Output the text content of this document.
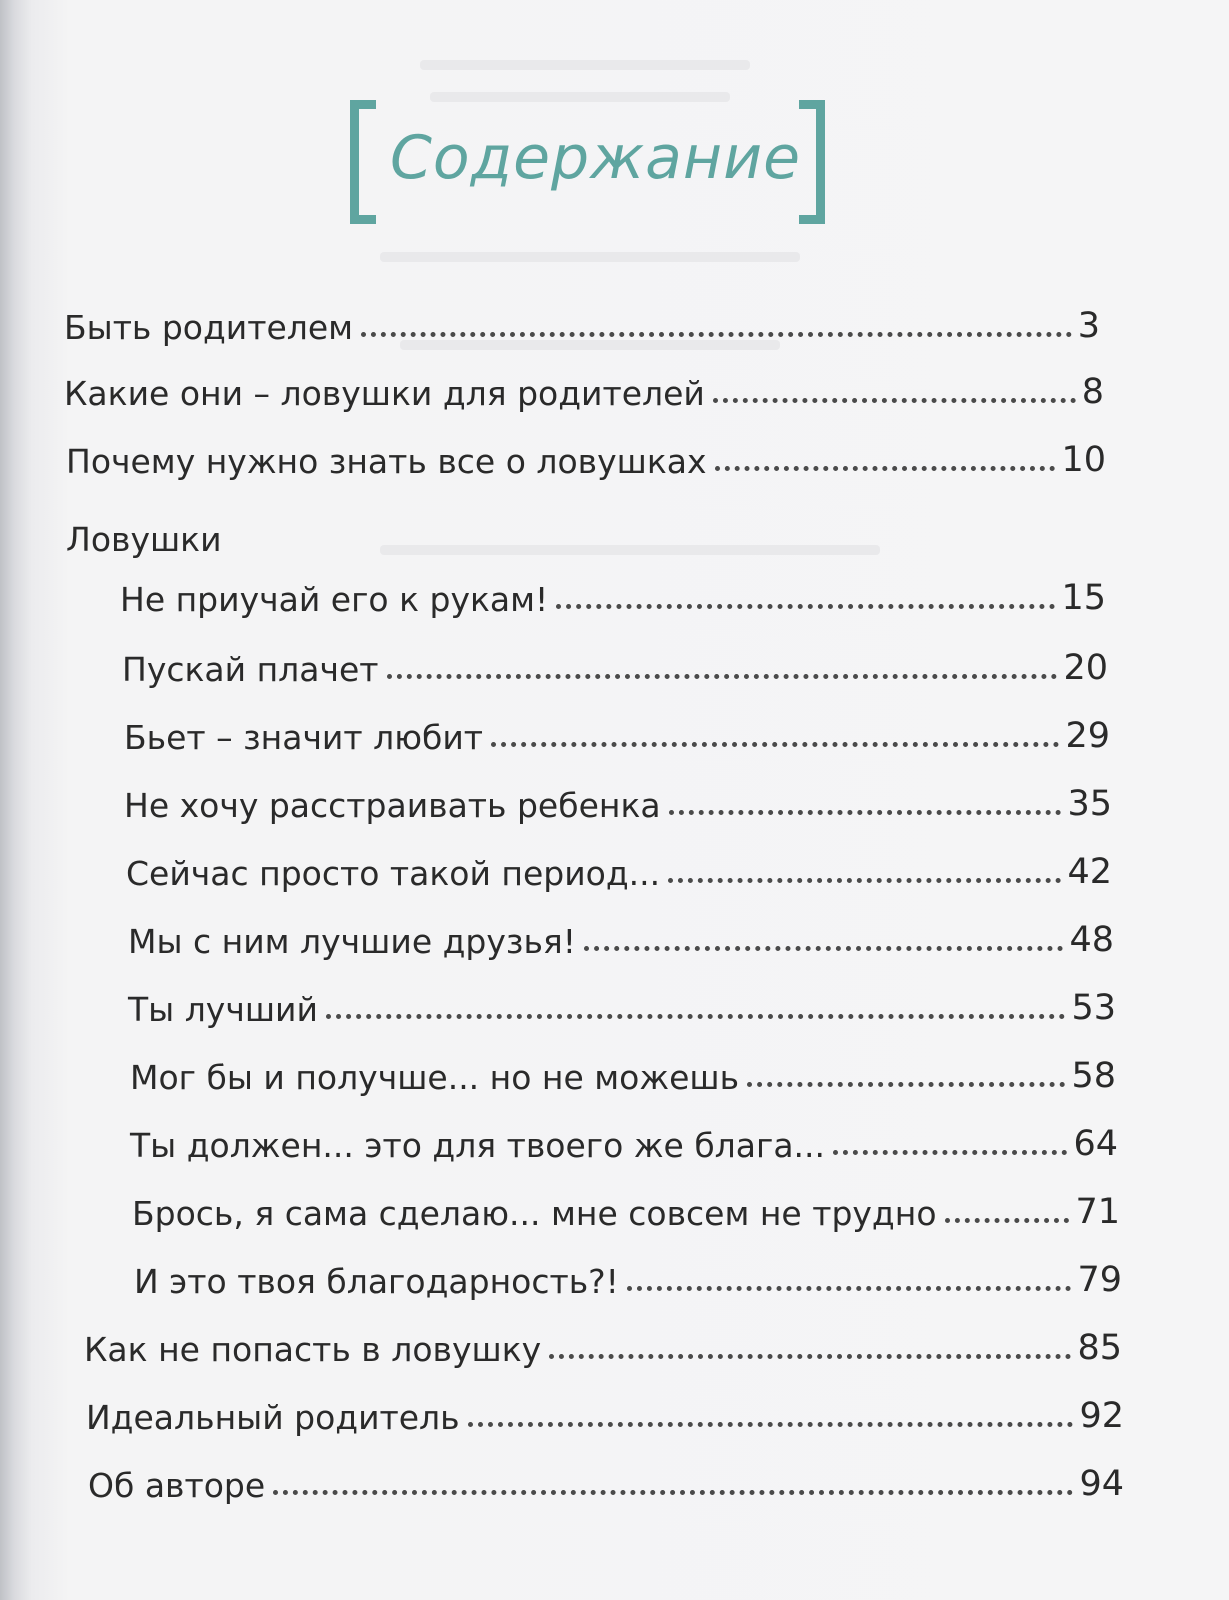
Содержание
Быть родителем	3
Какие они – ловушки для родителей	8
Почему нужно знать все о ловушках	10
Ловушки
Не приучай его к рукам!	15
Пускай плачет	20
Бьет – значит любит	29
Не хочу расстраивать ребенка	35
Сейчас просто такой период...	42
Мы с ним лучшие друзья!	48
Ты лучший	53
Мог бы и получше... но не можешь	58
Ты должен... это для твоего же блага...	64
Брось, я сама сделаю... мне совсем не трудно	71
И это твоя благодарность?!	79
Как не попасть в ловушку	85
Идеальный родитель	92
Об авторе	94
